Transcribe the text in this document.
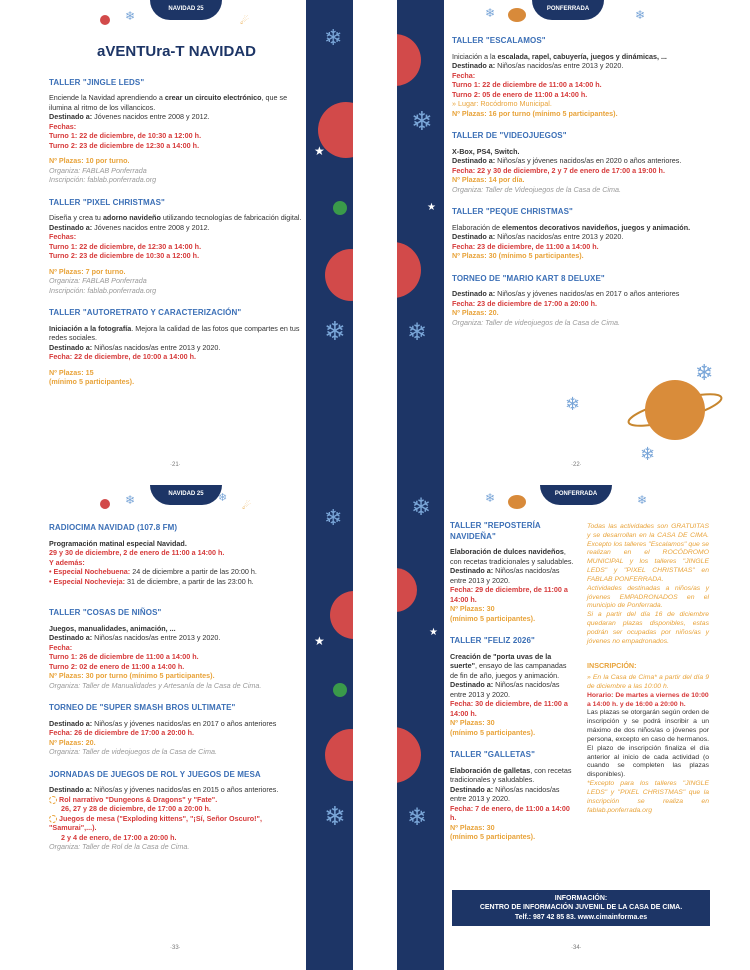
★
❄
❄
NAVIDAD 25
❄	☄
aVENTUra-T NAVIDAD
TALLER "JINGLE LEDS"
Enciende la Navidad aprendiendo a crear un circuito electrónico, que se ilumina al ritmo de los villancicos.
Destinado a: Jóvenes nacidos entre 2008 y 2012.
Fechas:
Turno 1: 22 de diciembre, de 10:30 a 12:00 h.
Turno 2: 23 de diciembre de 12:30 a 14:00 h.
Nº Plazas: 10 por turno.
Organiza: FABLAB Ponferrada
Inscripción: fablab.ponferrada.org
TALLER "PIXEL CHRISTMAS"
Diseña y crea tu adorno navideño utilizando tecnologías de fabricación digital.
Destinado a: Jóvenes nacidos entre 2008 y 2012.
Fechas:
Turno 1: 22 de diciembre, de 12:30 a 14:00 h.
Turno 2: 23 de diciembre de 10:30 a 12:00 h.
Nº Plazas: 7 por turno.
Organiza: FABLAB Ponferrada
Inscripción: fablab.ponferrada.org
TALLER "AUTORETRATO Y CARACTERIZACIÓN"
Iniciación a la fotografía. Mejora la calidad de las fotos que compartes en tus redes sociales.
Destinado a: Niños/as nacidos/as entre 2013 y 2020.
Fecha: 22 de diciembre, de 10:00 a 14:00 h.
Nº Plazas: 15
(mínimo 5 participantes).
·21·
❄
❄
★
PONFERRADA
❄	❄
TALLER "ESCALAMOS"
Iniciación a la escalada, rapel, cabuyería, juegos y dinámicas, ...
Destinado a: Niños/as nacidos/as entre 2013 y 2020.
Fecha:
Turno 1: 22 de diciembre de 11:00 a 14:00 h.
Turno 2: 05 de enero de 11:00 a 14:00 h.
» Lugar: Rocódromo Municipal.
Nº Plazas: 16 por turno (mínimo 5 participantes).
TALLER DE "VIDEOJUEGOS"
X-Box, PS4, Switch.
Destinado a: Niños/as y jóvenes nacidos/as en 2020 o años anteriores.
Fecha: 22 y 30 de diciembre, 2 y 7 de enero de 17:00 a 19:00 h.
Nº Plazas: 14 por día.
Organiza: Taller de Videojuegos de la Casa de Cima.
TALLER "PEQUE CHRISTMAS"
Elaboración de elementos decorativos navideños, juegos y animación.
Destinado a: Niños/as nacidos/as entre 2013 y 2020.
Fecha: 23 de diciembre, de 11:00 a 14:00 h.
Nº Plazas: 30 (mínimo 5 participantes).
TORNEO DE "MARIO KART 8 DELUXE"
Destinado a: Niños/as y jóvenes nacidos/as en 2017 o años anteriores
Fecha: 23 de diciembre de 17:00 a 20:00 h.
Nº Plazas: 20.
Organiza: Taller de videojuegos de la Casa de Cima.
❄
❄
❄
·22·
★
❄
❄
NAVIDAD 25
❄	❄
☄
RADIOCIMA NAVIDAD (107.8 FM)
Programación matinal especial Navidad.
29 y 30 de diciembre, 2 de enero de 11:00 a 14:00 h.
Y además:
• Especial Nochebuena: 24 de diciembre a partir de las 20:00 h.
• Especial Nochevieja: 31 de diciembre, a partir de las 23:00 h.
TALLER "COSAS DE NIÑOS"
Juegos, manualidades, animación, ...
Destinado a: Niños/as nacidos/as entre 2013 y 2020.
Fecha:
Turno 1: 26 de diciembre de 11:00 a 14:00 h.
Turno 2: 02 de enero de 11:00 a 14:00 h.
Nº Plazas: 30 por turno (mínimo 5 participantes).
Organiza: Taller de Manualidades y Artesanía de la Casa de Cima.
TORNEO DE "SUPER SMASH BROS ULTIMATE"
Destinado a: Niños/as y jóvenes nacidos/as en 2017 o años anteriores
Fecha: 26 de diciembre de 17:00 a 20:00 h.
Nº Plazas: 20.
Organiza: Taller de videojuegos de la Casa de Cima.
JORNADAS DE JUEGOS DE ROL Y JUEGOS DE MESA
Destinado a: Niños/as y jóvenes nacidos/as en 2015 o años anteriores.
Rol narrativo "Dungeons & Dragons" y "Fate".
26, 27 y 28 de diciembre, de 17:00 a 20:00 h.
Juegos de mesa ("Exploding kittens", "¡Sí, Señor Oscuro!", "Samurai",...).
2 y 4 de enero, de 17:00 a 20:00 h.
Organiza: Taller de Rol de la Casa de Cima.
·33·
❄
❄
★
PONFERRADA
❄	❄
TALLER "REPOSTERÍA NAVIDEÑA"
Elaboración de dulces navideños, con recetas tradicionales y saludables.
Destinado a: Niños/as nacidos/as entre 2013 y 2020.
Fecha: 29 de diciembre, de 11:00 a 14:00 h.
Nº Plazas: 30
(mínimo 5 participantes).
TALLER "FELIZ 2026"
Creación de "porta uvas de la suerte", ensayo de las campanadas de fin de año, juegos y animación.
Destinado a: Niños/as nacidos/as entre 2013 y 2020.
Fecha: 30 de diciembre, de 11:00 a 14:00 h.
Nº Plazas: 30
(mínimo 5 participantes).
TALLER "GALLETAS"
Elaboración de galletas, con recetas tradicionales y saludables.
Destinado a: Niños/as nacidos/as entre 2013 y 2020.
Fecha: 7 de enero, de 11:00 a 14:00 h.
Nº Plazas: 30
(mínimo 5 participantes).
Todas las actividades son GRATUITAS y se desarrollan en la CASA DE CIMA. Excepto los talleres "Escalamos" que se realizan en el ROCÓDROMO MUNICIPAL y los talleres "JINGLE LEDS" y "PIXEL CHRISTMAS" en FABLAB PONFERRADA.
Actividades destinadas a niños/as y jóvenes EMPADRONADOS en el municipio de Ponferrada.
Si a partir del día 16 de diciembre quedaran plazas disponibles, estas podrán ser ocupadas por niños/as y jóvenes no empadronados.
INSCRIPCIÓN:
» En la Casa de Cima* a partir del día 9 de diciembre a las 10:00 h.
Horario: De martes a viernes de 10:00 a 14:00 h. y de 16:00 a 20:00 h.
Las plazas se otorgarán según orden de inscripción y se podrá inscribir a un máximo de dos niños/as o jóvenes por persona, excepto en caso de hermanos. El plazo de inscripción finaliza el día anterior al inicio de cada actividad (o cuando se completen las plazas disponibles).
*Excepto para los talleres "JINGLE LEDS" y "PIXEL CHRISTMAS" que la inscripción se realiza en fablab.ponferrada.org
INFORMACIÓN:
CENTRO DE INFORMACIÓN JUVENIL DE LA CASA DE CIMA.
Telf.: 987 42 85 83. www.cimainforma.es
·34·
